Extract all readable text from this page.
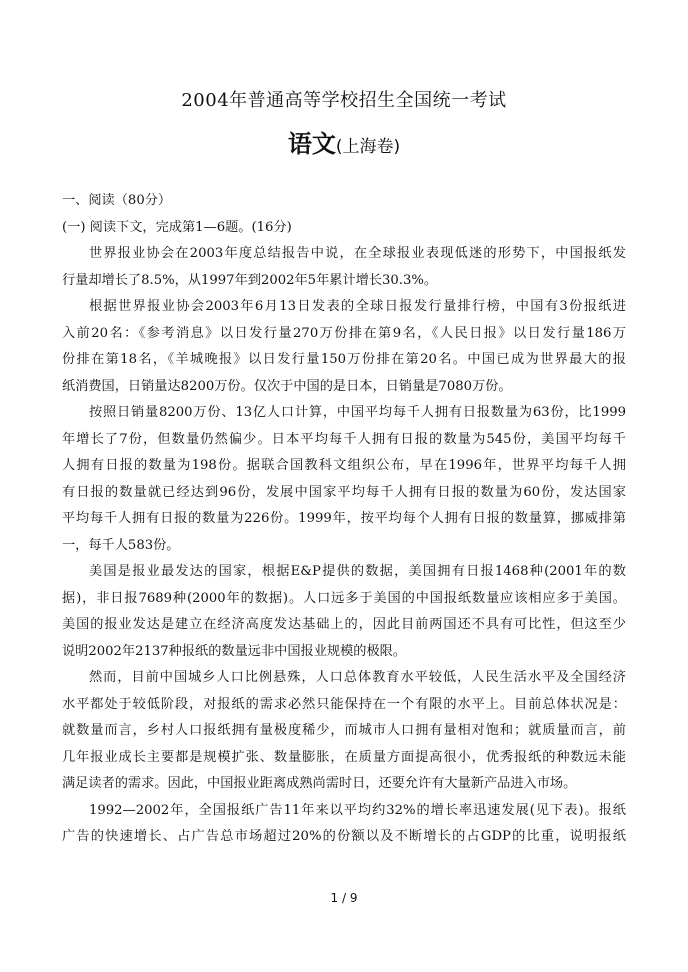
2004年普通高等学校招生全国统一考试
语文(上海卷)
一、阅读（80分）
(一) 阅读下文，完成第1—6题。(16分)
世界报业协会在2003年度总结报告中说，在全球报业表现低迷的形势下，中国报纸发
行量却增长了8.5%，从1997年到2002年5年累计增长30.3%。
根据世界报业协会2003年6月13日发表的全球日报发行量排行榜，中国有3份报纸进
入前20名：《参考消息》以日发行量270万份排在第9名，《人民日报》以日发行量186万
份排在第18名，《羊城晚报》以日发行量150万份排在第20名。中国已成为世界最大的报
纸消费国，日销量达8200万份。仅次于中国的是日本，日销量是7080万份。
按照日销量8200万份、13亿人口计算，中国平均每千人拥有日报数量为63份，比1999
年增长了7份，但数量仍然偏少。日本平均每千人拥有日报的数量为545份，美国平均每千
人拥有日报的数量为198份。据联合国教科文组织公布，早在1996年，世界平均每千人拥
有日报的数量就已经达到96份，发展中国家平均每千人拥有日报的数量为60份，发达国家
平均每千人拥有日报的数量为226份。1999年，按平均每个人拥有日报的数量算，挪威排第
一，每千人583份。
美国是报业最发达的国家，根据E&P提供的数据，美国拥有日报1468种(2001年的数
据)，非日报7689种(2000年的数据)。人口远多于美国的中国报纸数量应该相应多于美国。
美国的报业发达是建立在经济高度发达基础上的，因此目前两国还不具有可比性，但这至少
说明2002年2137种报纸的数量远非中国报业规模的极限。
然而，目前中国城乡人口比例悬殊，人口总体教育水平较低，人民生活水平及全国经济
水平都处于较低阶段，对报纸的需求必然只能保持在一个有限的水平上。目前总体状况是：
就数量而言，乡村人口报纸拥有量极度稀少，而城市人口拥有量相对饱和；就质量而言，前
几年报业成长主要都是规模扩张、数量膨胀，在质量方面提高很小，优秀报纸的种数远未能
满足读者的需求。因此，中国报业距离成熟尚需时日，还要允许有大量新产品进入市场。
1992—2002年，全国报纸广告11年来以平均约32%的增长率迅速发展(见下表)。报纸
广告的快速增长、占广告总市场超过20%的份额以及不断增长的占GDP的比重，说明报纸
1 / 9
